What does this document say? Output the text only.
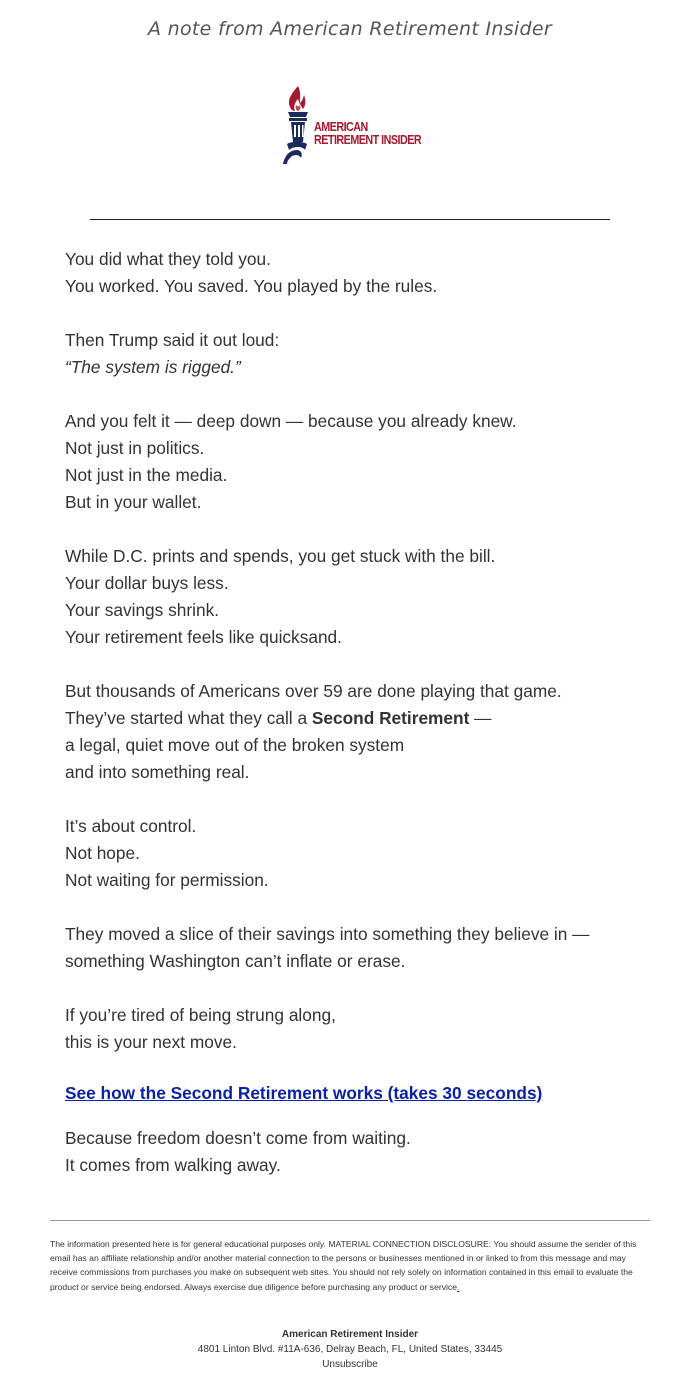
A note from American Retirement Insider
AMERICAN
RETIREMENT INSIDER
You did what they told you.
You worked. You saved. You played by the rules.
Then Trump said it out loud:
“The system is rigged.”
And you felt it — deep down — because you already knew.
Not just in politics.
Not just in the media.
But in your wallet.
While D.C. prints and spends, you get stuck with the bill.
Your dollar buys less.
Your savings shrink.
Your retirement feels like quicksand.
But thousands of Americans over 59 are done playing that game.
They’ve started what they call a Second Retirement —
a legal, quiet move out of the broken system
and into something real.
It’s about control.
Not hope.
Not waiting for permission.
They moved a slice of their savings into something they believe in —
something Washington can’t inflate or erase.
If you’re tired of being strung along,
this is your next move.
See how the Second Retirement works (takes 30 seconds)
Because freedom doesn’t come from waiting.
It comes from walking away.
The information presented here is for general educational purposes only. MATERIAL CONNECTION DISCLOSURE: You should assume the sender of this email has an affiliate relationship and/or another material connection to the persons or businesses mentioned in or linked to from this message and may receive commissions from purchases you make on subsequent web sites. You should not rely solely on information contained in this email to evaluate the product or service being endorsed. Always exercise due diligence before purchasing any product or service.
American Retirement Insider
4801 Linton Blvd. #11A-636, Delray Beach, FL, United States, 33445
Unsubscribe
